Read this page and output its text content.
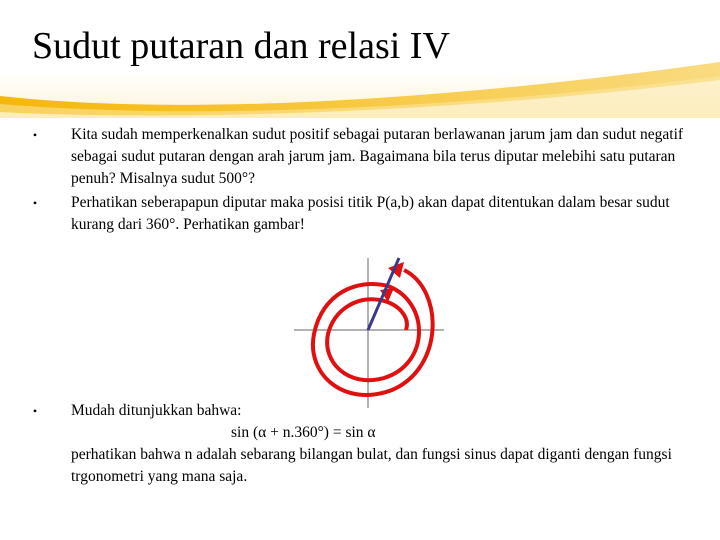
Sudut putaran dan relasi IV
•	Kita sudah memperkenalkan sudut positif sebagai putaran berlawanan jarum jam dan sudut negatif sebagai sudut putaran dengan arah jarum jam. Bagaimana bila terus diputar melebihi satu putaran penuh? Misalnya sudut 500°?
•	Perhatikan seberapapun diputar maka posisi titik P(a,b) akan dapat ditentukan dalam besar sudut kurang dari 360°. Perhatikan gambar!
•	Mudah ditunjukkan bahwa:
sin (α + n.360°) = sin α
perhatikan bahwa n adalah sebarang bilangan bulat, dan fungsi sinus dapat diganti dengan fungsi trgonometri yang mana saja.
